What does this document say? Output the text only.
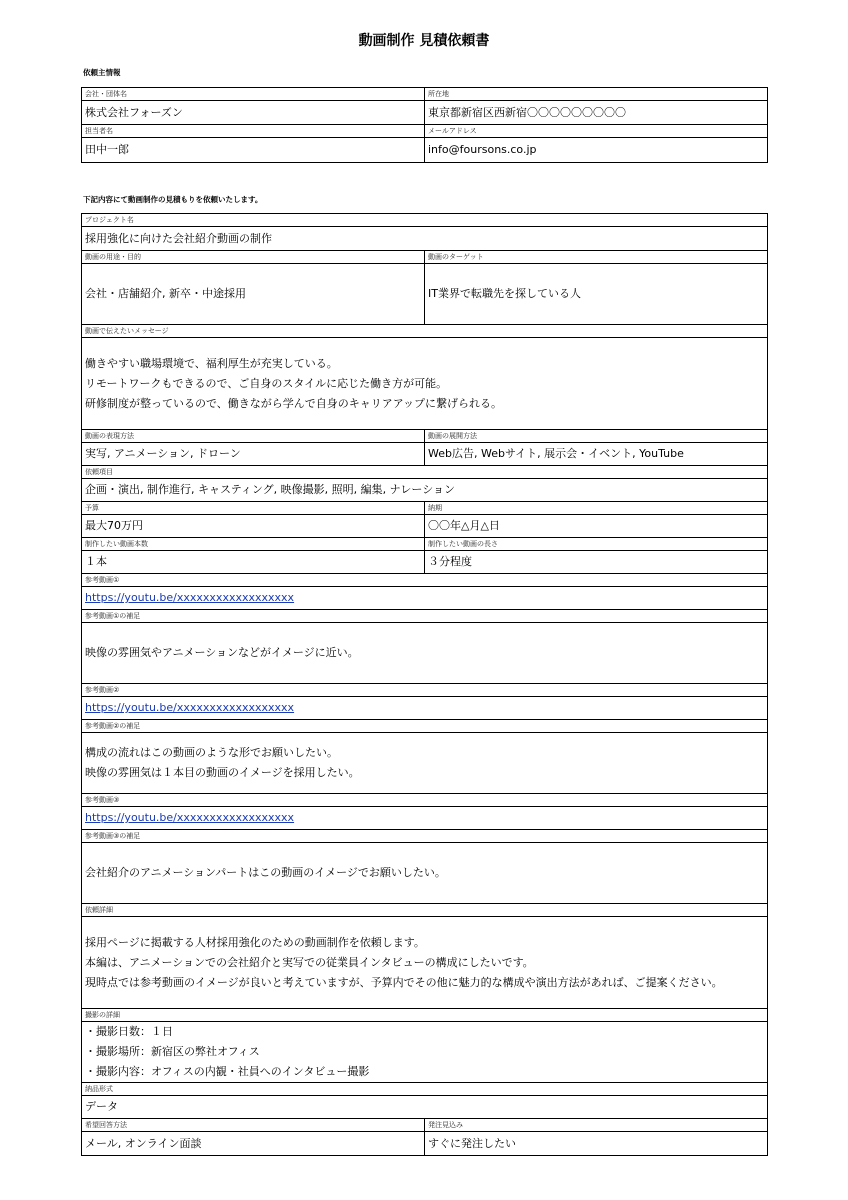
動画制作 見積依頼書
依頼主情報
会社・団体名	所在地
株式会社フォーズン	東京都新宿区西新宿〇〇〇〇〇〇〇〇〇
担当者名	メールアドレス
田中一郎	info@foursons.co.jp
下記内容にて動画制作の見積もりを依頼いたします。
プロジェクト名	
採用強化に向けた会社紹介動画の制作	
動画の用途・目的	動画のターゲット
会社・店舗紹介, 新卒・中途採用	IT業界で転職先を探している人
動画で伝えたいメッセージ	

働きやすい職場環境で、福利厚生が充実している。
リモートワークもできるので、ご自身のスタイルに応じた働き方が可能。
研修制度が整っているので、働きながら学んで自身のキャリアアップに繋げられる。	

動画の表現方法	動画の展開方法
実写, アニメーション, ドローン	Web広告, Webサイト, 展示会・イベント, YouTube
依頼項目	
企画・演出, 制作進行, キャスティング, 映像撮影, 照明, 編集, ナレーション	
予算	納期
最大70万円	〇〇年△月△日
制作したい動画本数	制作したい動画の長さ
１本	３分程度
参考動画①	
https://youtu.be/xxxxxxxxxxxxxxxxxx	
参考動画①の補足	

映像の雰囲気やアニメーションなどがイメージに近い。	

参考動画②	
https://youtu.be/xxxxxxxxxxxxxxxxxx	
参考動画②の補足	

構成の流れはこの動画のような形でお願いしたい。
映像の雰囲気は１本目の動画のイメージを採用したい。	

参考動画③	
https://youtu.be/xxxxxxxxxxxxxxxxxx	
参考動画③の補足	

会社紹介のアニメーションパートはこの動画のイメージでお願いしたい。	

依頼詳細	

採用ページに掲載する人材採用強化のための動画制作を依頼します。
本編は、アニメーションでの会社紹介と実写での従業員インタビューの構成にしたいです。
現時点では参考動画のイメージが良いと考えていますが、予算内でその他に魅力的な構成や演出方法があれば、ご提案ください。	

撮影の詳細	

・撮影日数：１日
・撮影場所：新宿区の弊社オフィス
・撮影内容：オフィスの内観・社員へのインタビュー撮影	

納品形式	
データ	
希望回答方法	発注見込み
メール, オンライン面談	すぐに発注したい
